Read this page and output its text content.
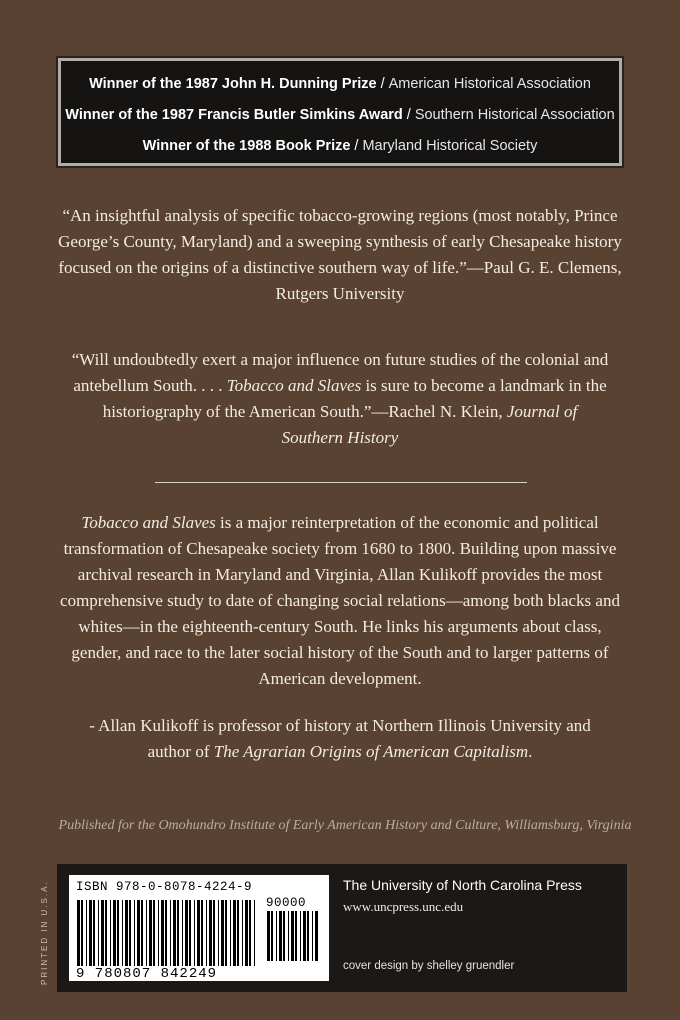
Winner of the 1987 John H. Dunning Prize / American Historical Association
Winner of the 1987 Francis Butler Simkins Award / Southern Historical Association
Winner of the 1988 Book Prize / Maryland Historical Society
“An insightful analysis of specific tobacco-growing regions (most notably, Prince George’s County, Maryland) and a sweeping synthesis of early Chesapeake history focused on the origins of a distinctive southern way of life.”—Paul G. E. Clemens, Rutgers University
“Will undoubtedly exert a major influence on future studies of the colonial and antebellum South. . . . Tobacco and Slaves is sure to become a landmark in the historiography of the American South.”—Rachel N. Klein, Journal of Southern History
Tobacco and Slaves is a major reinterpretation of the economic and political transformation of Chesapeake society from 1680 to 1800. Building upon massive archival research in Maryland and Virginia, Allan Kulikoff provides the most comprehensive study to date of changing social relations—among both blacks and whites—in the eighteenth-century South. He links his arguments about class, gender, and race to the later social history of the South and to larger patterns of American development.
- Allan Kulikoff is professor of history at Northern Illinois University and author of The Agrarian Origins of American Capitalism.
Published for the Omohundro Institute of Early American History and Culture, Williamsburg, Virginia
PRINTED IN U.S.A. ISBN 978-0-8078-4224-9
90000
9 780807 842249
The University of North Carolina Press
www.uncpress.unc.edu
cover design by shelley gruendler
